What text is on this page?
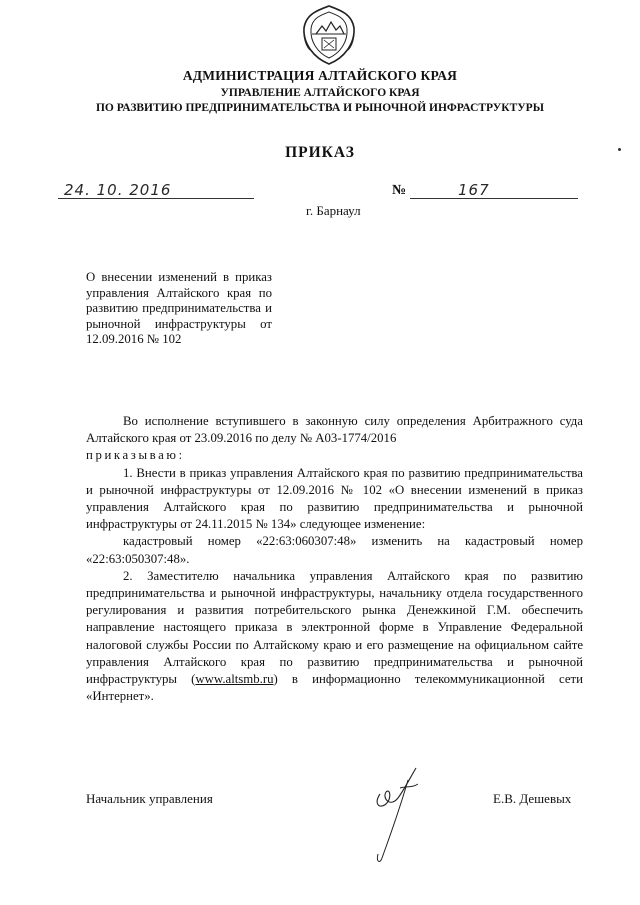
АДМИНИСТРАЦИЯ АЛТАЙСКОГО КРАЯ
УПРАВЛЕНИЕ АЛТАЙСКОГО КРАЯ
ПО РАЗВИТИЮ ПРЕДПРИНИМАТЕЛЬСТВА И РЫНОЧНОЙ ИНФРАСТРУКТУРЫ
ПРИКАЗ
24. 10. 2016	№	167
г. Барнаул
О внесении изменений в приказ управления Алтайского края по развитию предпринимательства и рыночной инфраструктуры от 12.09.2016 № 102

Во исполнение вступившего в законную силу определения Арбитражного суда Алтайского края от 23.09.2016 по делу № А03-1774/2016

приказываю:

1. Внести в приказ управления Алтайского края по развитию предпринимательства и рыночной инфраструктуры от 12.09.2016 № 102 «О внесении изменений в приказ управления Алтайского края по развитию предпринимательства и рыночной инфраструктуры от 24.11.2015 № 134» следующее изменение:

кадастровый номер «22:63:060307:48» изменить на кадастровый номер «22:63:050307:48».

2. Заместителю начальника управления Алтайского края по развитию предпринимательства и рыночной инфраструктуры, начальнику отдела государственного регулирования и развития потребительского рынка Денежкиной Г.М. обеспечить направление настоящего приказа в электронной форме в Управление Федеральной налоговой службы России по Алтайскому краю и его размещение на официальном сайте управления Алтайского края по развитию предпринимательства и рыночной инфраструктуры (www.altsmb.ru) в информационно телекоммуникационной сети «Интернет».

Начальник управления	Е.В. Дешевых
